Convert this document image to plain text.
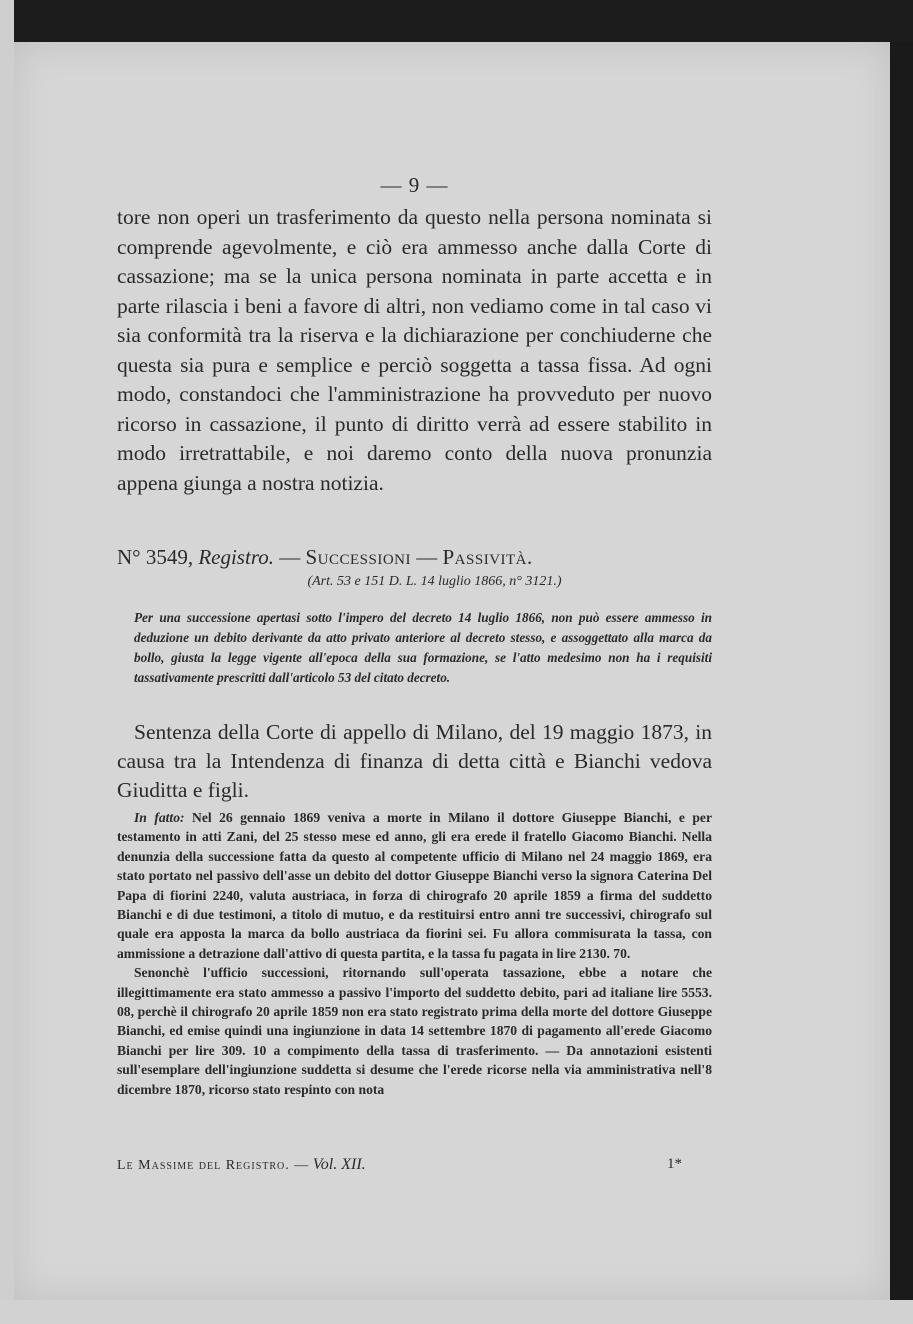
— 9 —

tore non operi un trasferimento da questo nella persona nominata si comprende agevolmente, e ciò era ammesso anche dalla Corte di cassazione; ma se la unica persona nominata in parte accetta e in parte rilascia i beni a favore di altri, non vediamo come in tal caso vi sia conformità tra la riserva e la dichiarazione per conchiuderne che questa sia pura e semplice e perciò soggetta a tassa fissa. Ad ogni modo, constandoci che l'amministrazione ha provveduto per nuovo ricorso in cassazione, il punto di diritto verrà ad essere stabilito in modo irretrattabile, e noi daremo conto della nuova pronunzia appena giunga a nostra notizia.

N° 3549, Registro. — Successioni — Passività.
(Art. 53 e 151 D. L. 14 luglio 1866, n° 3121.)
Per una successione apertasi sotto l'impero del decreto 14 luglio 1866, non può essere ammesso in deduzione un debito derivante da atto privato anteriore al decreto stesso, e assoggettato alla marca da bollo, giusta la legge vigente all'epoca della sua formazione, se l'atto medesimo non ha i requisiti tassativamente prescritti dall'articolo 53 del citato decreto.
Sentenza della Corte di appello di Milano, del 19 maggio 1873, in causa tra la Intendenza di finanza di detta città e Bianchi vedova Giuditta e figli.

In fatto: Nel 26 gennaio 1869 veniva a morte in Milano il dottore Giuseppe Bianchi, e per testamento in atti Zani, del 25 stesso mese ed anno, gli era erede il fratello Giacomo Bianchi. Nella denunzia della successione fatta da questo al competente ufficio di Milano nel 24 maggio 1869, era stato portato nel passivo dell'asse un debito del dottor Giuseppe Bianchi verso la signora Caterina Del Papa di fiorini 2240, valuta austriaca, in forza di chirografo 20 aprile 1859 a firma del suddetto Bianchi e di due testimoni, a titolo di mutuo, e da restituirsi entro anni tre successivi, chirografo sul quale era apposta la marca da bollo austriaca da fiorini sei. Fu allora commisurata la tassa, con ammissione a detrazione dall'attivo di questa partita, e la tassa fu pagata in lire 2130. 70.

Senonchè l'ufficio successioni, ritornando sull'operata tassazione, ebbe a notare che illegittimamente era stato ammesso a passivo l'importo del suddetto debito, pari ad italiane lire 5553. 08, perchè il chirografo 20 aprile 1859 non era stato registrato prima della morte del dottore Giuseppe Bianchi, ed emise quindi una ingiunzione in data 14 settembre 1870 di pagamento all'erede Giacomo Bianchi per lire 309. 10 a compimento della tassa di trasferimento. — Da annotazioni esistenti sull'esemplare dell'ingiunzione suddetta si desume che l'erede ricorse nella via amministrativa nell'8 dicembre 1870, ricorso stato respinto con nota

Le Massime del Registro. — Vol. XII.	1*
